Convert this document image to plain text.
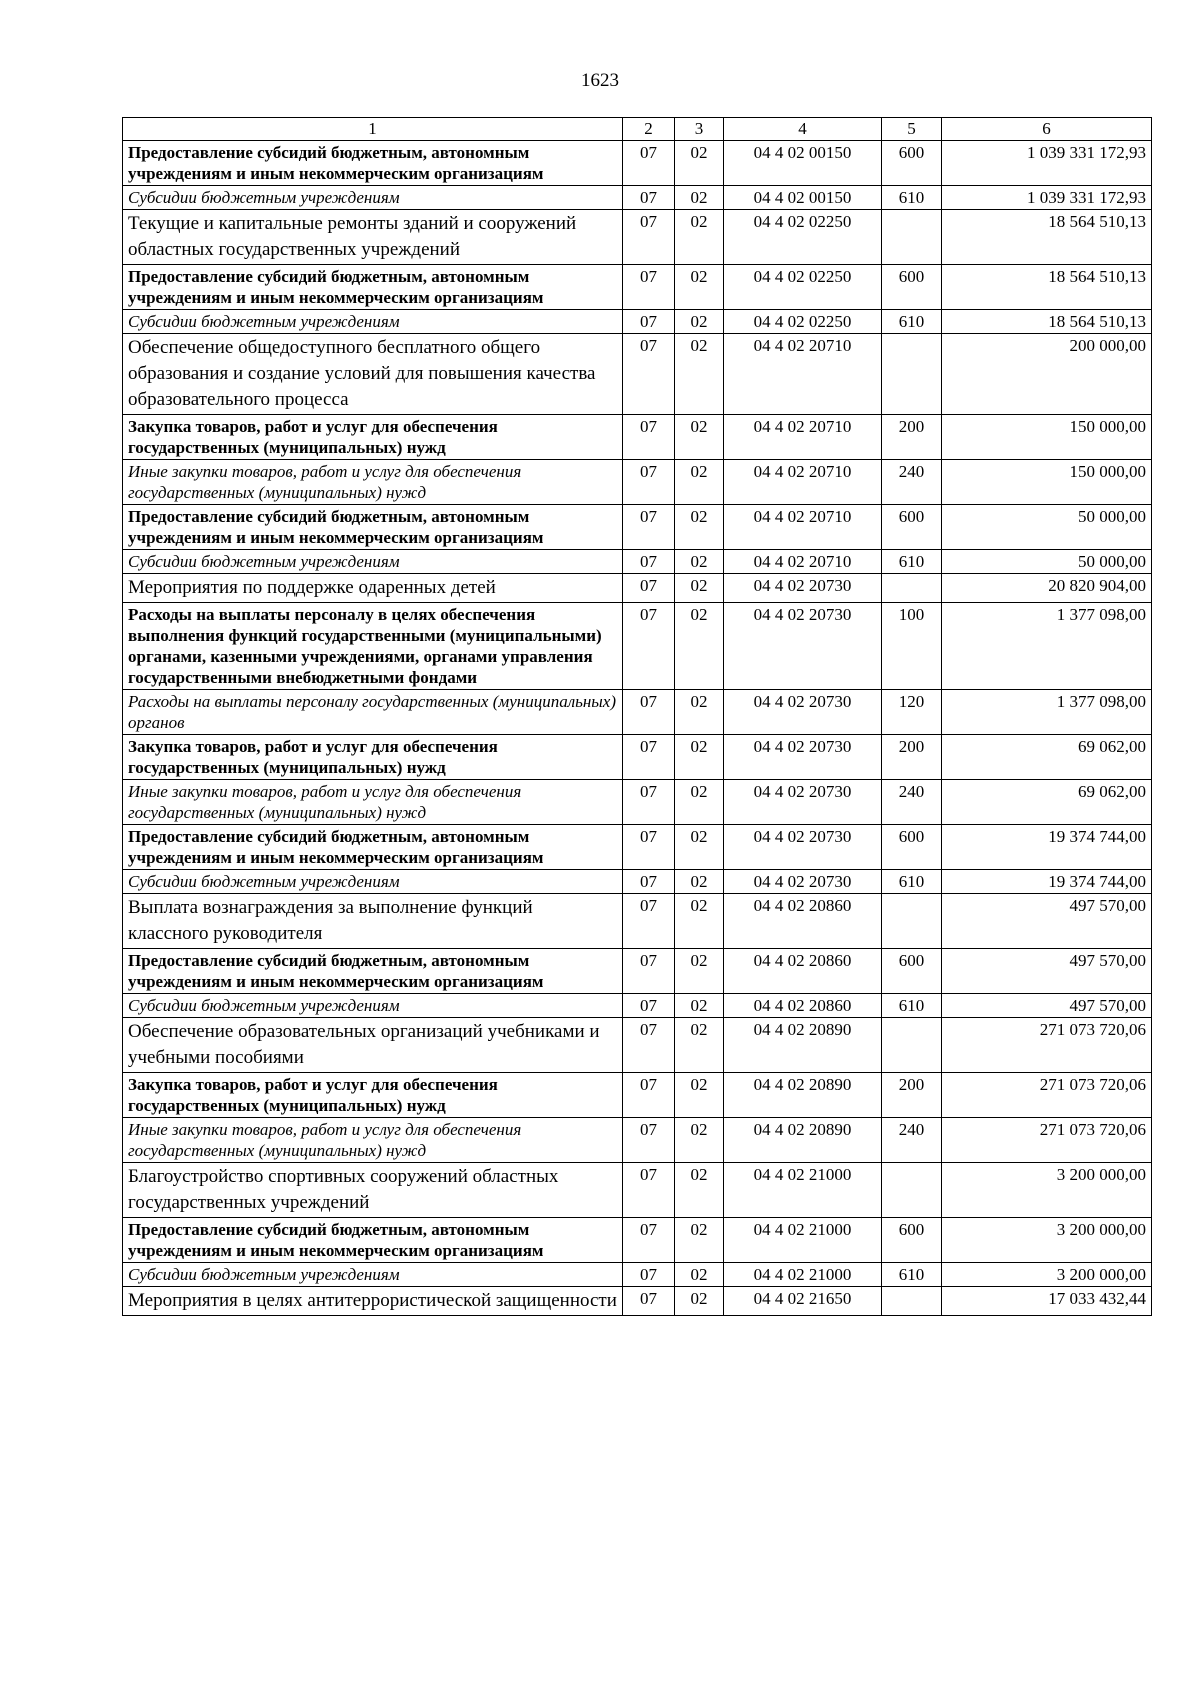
1623
1	2	3	4	5	6
Предоставление субсидий бюджетным, автономным учреждениям и иным некоммерческим организациям	07	02	04 4 02 00150	600	1 039 331 172,93
Субсидии бюджетным учреждениям	07	02	04 4 02 00150	610	1 039 331 172,93
Текущие и капитальные ремонты зданий и сооружений областных государственных учреждений	07	02	04 4 02 02250		18 564 510,13
Предоставление субсидий бюджетным, автономным учреждениям и иным некоммерческим организациям	07	02	04 4 02 02250	600	18 564 510,13
Субсидии бюджетным учреждениям	07	02	04 4 02 02250	610	18 564 510,13
Обеспечение общедоступного бесплатного общего образования и создание условий для повышения качества образовательного процесса	07	02	04 4 02 20710		200 000,00
Закупка товаров, работ и услуг для обеспечения государственных (муниципальных) нужд	07	02	04 4 02 20710	200	150 000,00
Иные закупки товаров, работ и услуг для обеспечения государственных (муниципальных) нужд	07	02	04 4 02 20710	240	150 000,00
Предоставление субсидий бюджетным, автономным учреждениям и иным некоммерческим организациям	07	02	04 4 02 20710	600	50 000,00
Субсидии бюджетным учреждениям	07	02	04 4 02 20710	610	50 000,00
Мероприятия по поддержке одаренных детей	07	02	04 4 02 20730		20 820 904,00
Расходы на выплаты персоналу в целях обеспечения выполнения функций государственными (муниципальными) органами, казенными учреждениями, органами управления государственными внебюджетными фондами	07	02	04 4 02 20730	100	1 377 098,00
Расходы на выплаты персоналу государственных (муниципальных) органов	07	02	04 4 02 20730	120	1 377 098,00
Закупка товаров, работ и услуг для обеспечения государственных (муниципальных) нужд	07	02	04 4 02 20730	200	69 062,00
Иные закупки товаров, работ и услуг для обеспечения государственных (муниципальных) нужд	07	02	04 4 02 20730	240	69 062,00
Предоставление субсидий бюджетным, автономным учреждениям и иным некоммерческим организациям	07	02	04 4 02 20730	600	19 374 744,00
Субсидии бюджетным учреждениям	07	02	04 4 02 20730	610	19 374 744,00
Выплата вознаграждения за выполнение функций классного руководителя	07	02	04 4 02 20860		497 570,00
Предоставление субсидий бюджетным, автономным учреждениям и иным некоммерческим организациям	07	02	04 4 02 20860	600	497 570,00
Субсидии бюджетным учреждениям	07	02	04 4 02 20860	610	497 570,00
Обеспечение образовательных организаций учебниками и учебными пособиями	07	02	04 4 02 20890		271 073 720,06
Закупка товаров, работ и услуг для обеспечения государственных (муниципальных) нужд	07	02	04 4 02 20890	200	271 073 720,06
Иные закупки товаров, работ и услуг для обеспечения государственных (муниципальных) нужд	07	02	04 4 02 20890	240	271 073 720,06
Благоустройство спортивных сооружений областных государственных учреждений	07	02	04 4 02 21000		3 200 000,00
Предоставление субсидий бюджетным, автономным учреждениям и иным некоммерческим организациям	07	02	04 4 02 21000	600	3 200 000,00
Субсидии бюджетным учреждениям	07	02	04 4 02 21000	610	3 200 000,00
Мероприятия в целях антитеррористической защищенности	07	02	04 4 02 21650		17 033 432,44
